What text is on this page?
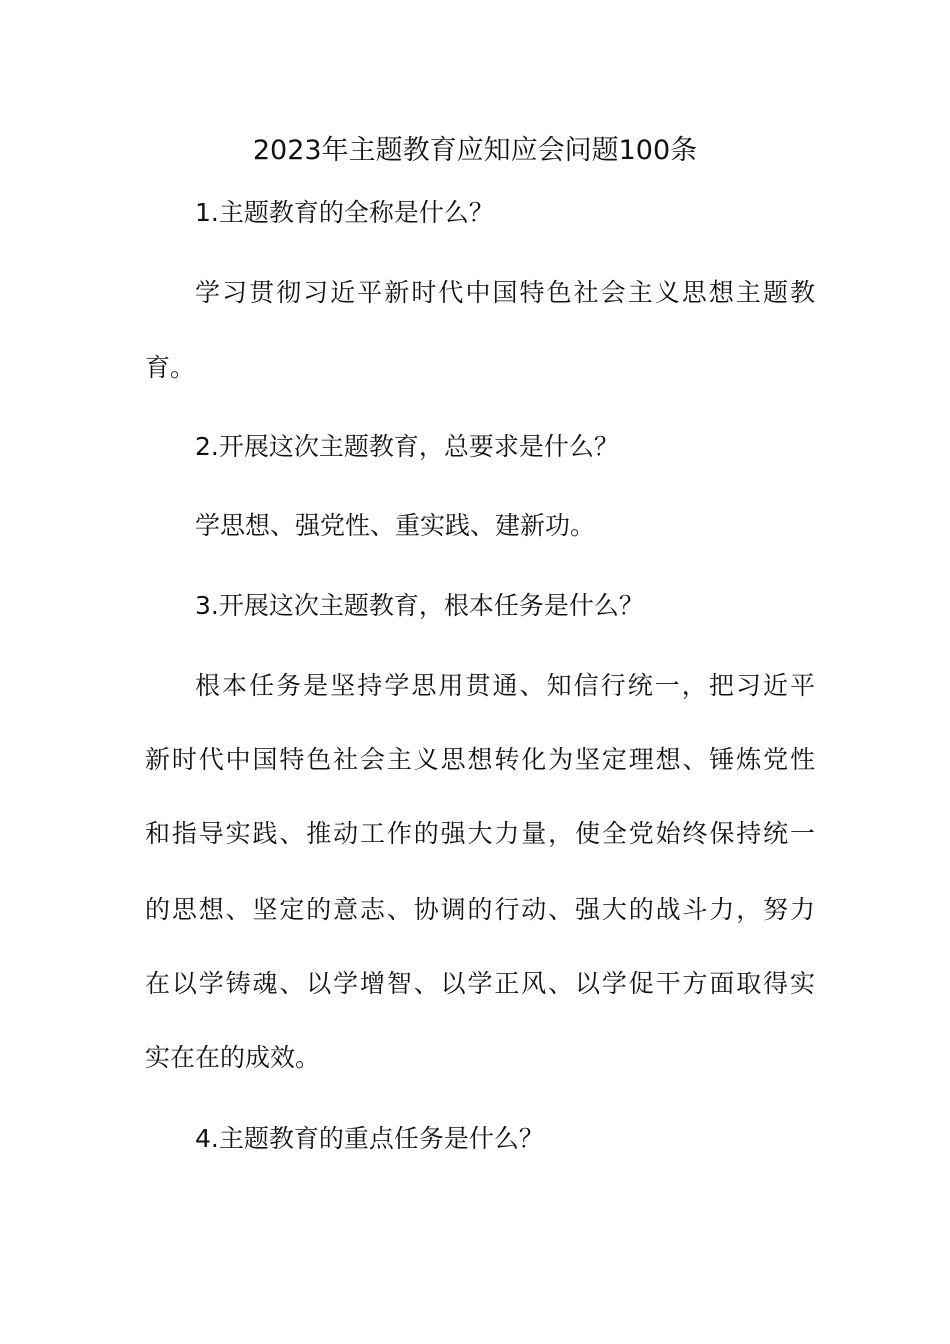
2023年主题教育应知应会问题100条
1.主题教育的全称是什么？
学习贯彻习近平新时代中国特色社会主义思想主题教
育。
2.开展这次主题教育，总要求是什么？
学思想、强党性、重实践、建新功。
3.开展这次主题教育，根本任务是什么？
根本任务是坚持学思用贯通、知信行统一，把习近平
新时代中国特色社会主义思想转化为坚定理想、锤炼党性
和指导实践、推动工作的强大力量，使全党始终保持统一
的思想、坚定的意志、协调的行动、强大的战斗力，努力
在以学铸魂、以学增智、以学正风、以学促干方面取得实
实在在的成效。
4.主题教育的重点任务是什么？
